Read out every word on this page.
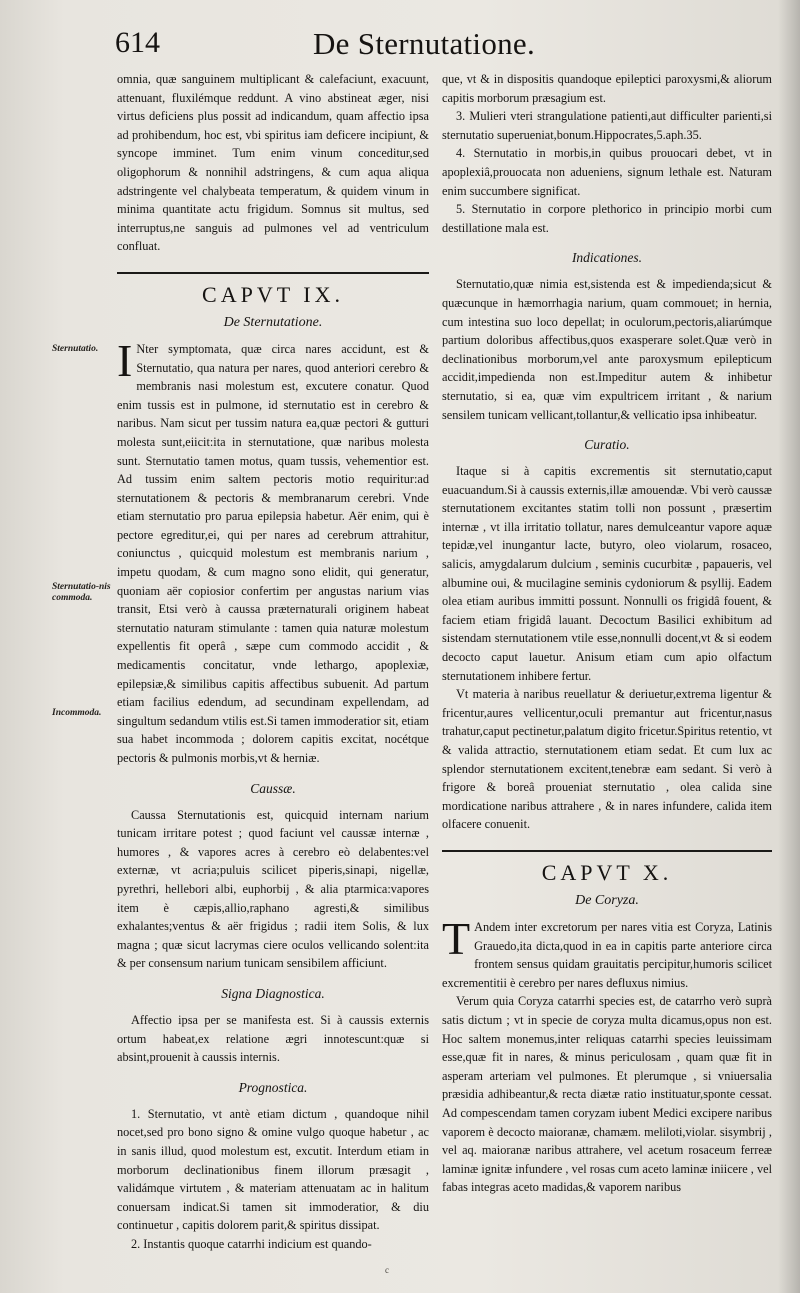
614	De Sternutatione.
Sternutatio.
Sternutatio-nis commoda.
Incommoda.

omnia, quæ sanguinem multiplicant & calefaciunt, exacuunt, attenuant, fluxilémque reddunt. A vino abstineat æger, nisi virtus deficiens plus possit ad indicandum, quam affectio ipsa ad prohibendum, hoc est, vbi spiritus iam deficere incipiunt, & syncope imminet. Tum enim vinum conceditur,sed oligophorum & nonnihil adstringens, & cum aqua aliqua adstringente vel chalybeata temperatum, & quidem vinum in minima quantitate actu frigidum. Somnus sit multus, sed interruptus,ne sanguis ad pulmones vel ad ventriculum confluat.

CAPVT IX.
De Sternutatione.

I Nter symptomata, quæ circa nares accidunt, est & Sternutatio, qua natura per nares, quod anteriori cerebro & membranis nasi molestum est, excutere conatur. Quod enim tussis est in pulmone, id sternutatio est in cerebro & naribus. Nam sicut per tussim natura ea,quæ pectori & gutturi molesta sunt,eiicit:ita in sternutatione, quæ naribus molesta sunt. Sternutatio tamen motus, quam tussis, vehementior est. Ad tussim enim saltem pectoris motio requiritur:ad sternutationem & pectoris & membranarum cerebri. Vnde etiam sternutatio pro parua epilepsia habetur. Aër enim, qui è pectore egreditur,ei, qui per nares ad cerebrum attrahitur, coniunctus , quicquid molestum est membranis narium , impetu quodam, & cum magno sono elidit, qui generatur, quoniam aër copiosior confertim per angustas narium vias transit, Etsi verò à caussa præternaturali originem habeat sternutatio naturam stimulante : tamen quia naturæ molestum expellentis fit operâ , sæpe cum commodo accidit , & medicamentis concitatur, vnde lethargo, apoplexiæ, epilepsiæ,& similibus capitis affectibus subuenit. Ad partum etiam facilius edendum, ad secundinam expellendam, ad singultum sedandum vtilis est.Si tamen immoderatior sit, etiam sua habet incommoda ; dolorem capitis excitat, nocétque pectoris & pulmonis morbis,vt & herniæ.

Caussæ.

Caussa Sternutationis est, quicquid internam narium tunicam irritare potest ; quod faciunt vel caussæ internæ , humores , & vapores acres à cerebro eò delabentes:vel externæ, vt acria;puluis scilicet piperis,sinapi, nigellæ, pyrethri, hellebori albi, euphorbij , & alia ptarmica:vapores item è cæpis,allio,raphano agresti,& similibus exhalantes;ventus & aër frigidus ; radii item Solis, & lux magna ; quæ sicut lacrymas ciere oculos vellicando solent:ita & per consensum narium tunicam sensibilem afficiunt.

Signa Diagnostica.

Affectio ipsa per se manifesta est. Si à caussis externis ortum habeat,ex relatione ægri innotescunt:quæ si absint,prouenit à caussis internis.

Prognostica.

1. Sternutatio, vt antè etiam dictum , quandoque nihil nocet,sed pro bono signo & omine vulgo quoque habetur , ac in sanis illud, quod molestum est, excutit. Interdum etiam in morborum declinationibus finem illorum præsagit , validámque virtutem , & materiam attenuatam ac in halitum conuersam indicat.Si tamen sit immoderatior, & diu continuetur , capitis dolorem parit,& spiritus dissipat.

2. Instantis quoque catarrhi indicium est quando-

que, vt & in dispositis quandoque epileptici paroxysmi,& aliorum capitis morborum præsagium est.

3. Mulieri vteri strangulatione patienti,aut difficulter parienti,si sternutatio superueniat,bonum.Hippocrates,5.aph.35.

4. Sternutatio in morbis,in quibus prouocari debet, vt in apoplexiâ,prouocata non adueniens, signum lethale est. Naturam enim succumbere significat.

5. Sternutatio in corpore plethorico in principio morbi cum destillatione mala est.

Indicationes.

Sternutatio,quæ nimia est,sistenda est & impedienda;sicut & quæcunque in hæmorrhagia narium, quam commouet; in hernia, cum intestina suo loco depellat; in oculorum,pectoris,aliarúmque partium doloribus affectibus,quos exasperare solet.Quæ verò in declinationibus morborum,vel ante paroxysmum epilepticum accidit,impedienda non est.Impeditur autem & inhibetur sternutatio, si ea, quæ vim expultricem irritant , & narium sensilem tunicam vellicant,tollantur,& vellicatio ipsa inhibeatur.

Curatio.

Itaque si à capitis excrementis sit sternutatio,caput euacuandum.Si à caussis externis,illæ amouendæ. Vbi verò caussæ sternutationem excitantes statim tolli non possunt , præsertim internæ , vt illa irritatio tollatur, nares demulceantur vapore aquæ tepidæ,vel inungantur lacte, butyro, oleo violarum, rosaceo, salicis, amygdalarum dulcium , seminis cucurbitæ , papaueris, vel albumine oui, & mucilagine seminis cydoniorum & psyllij. Eadem olea etiam auribus immitti possunt. Nonnulli os frigidâ fouent, & faciem etiam frigidâ lauant. Decoctum Basilici exhibitum ad sistendam sternutationem vtile esse,nonnulli docent,vt & si eodem decocto caput lauetur. Anisum etiam cum apio olfactum sternutationem inhibere fertur.

Vt materia à naribus reuellatur & deriuetur,extrema ligentur & fricentur,aures vellicentur,oculi premantur aut fricentur,nasus trahatur,caput pectinetur,palatum digito fricetur.Spiritus retentio, vt & valida attractio, sternutationem etiam sedat. Et cum lux ac splendor sternutationem excitent,tenebræ eam sedant. Si verò à frigore & boreâ proueniat sternutatio , olea calida sine mordicatione naribus attrahere , & in nares infundere, calida item olfacere conuenit.

CAPVT X.
De Coryza.

T Andem inter excretorum per nares vitia est Coryza, Latinis Grauedo,ita dicta,quod in ea in capitis parte anteriore circa frontem sensus quidam grauitatis percipitur,humoris scilicet excrementitii è cerebro per nares defluxus nimius.

Verum quia Coryza catarrhi species est, de catarrho verò suprà satis dictum ; vt in specie de coryza multa dicamus,opus non est. Hoc saltem monemus,inter reliquas catarrhi species leuissimam esse,quæ fit in nares, & minus periculosam , quam quæ fit in asperam arteriam vel pulmones. Et plerumque , si vniuersalia præsidia adhibeantur,& recta diætæ ratio instituatur,sponte cessat. Ad compescendam tamen coryzam iubent Medici excipere naribus vaporem è decocto maioranæ, chamæm. meliloti,violar. sisymbrij , vel aq. maioranæ naribus attrahere, vel acetum rosaceum ferreæ laminæ ignitæ infundere , vel rosas cum aceto laminæ iniicere , vel fabas integras aceto madidas,& vaporem naribus

c
